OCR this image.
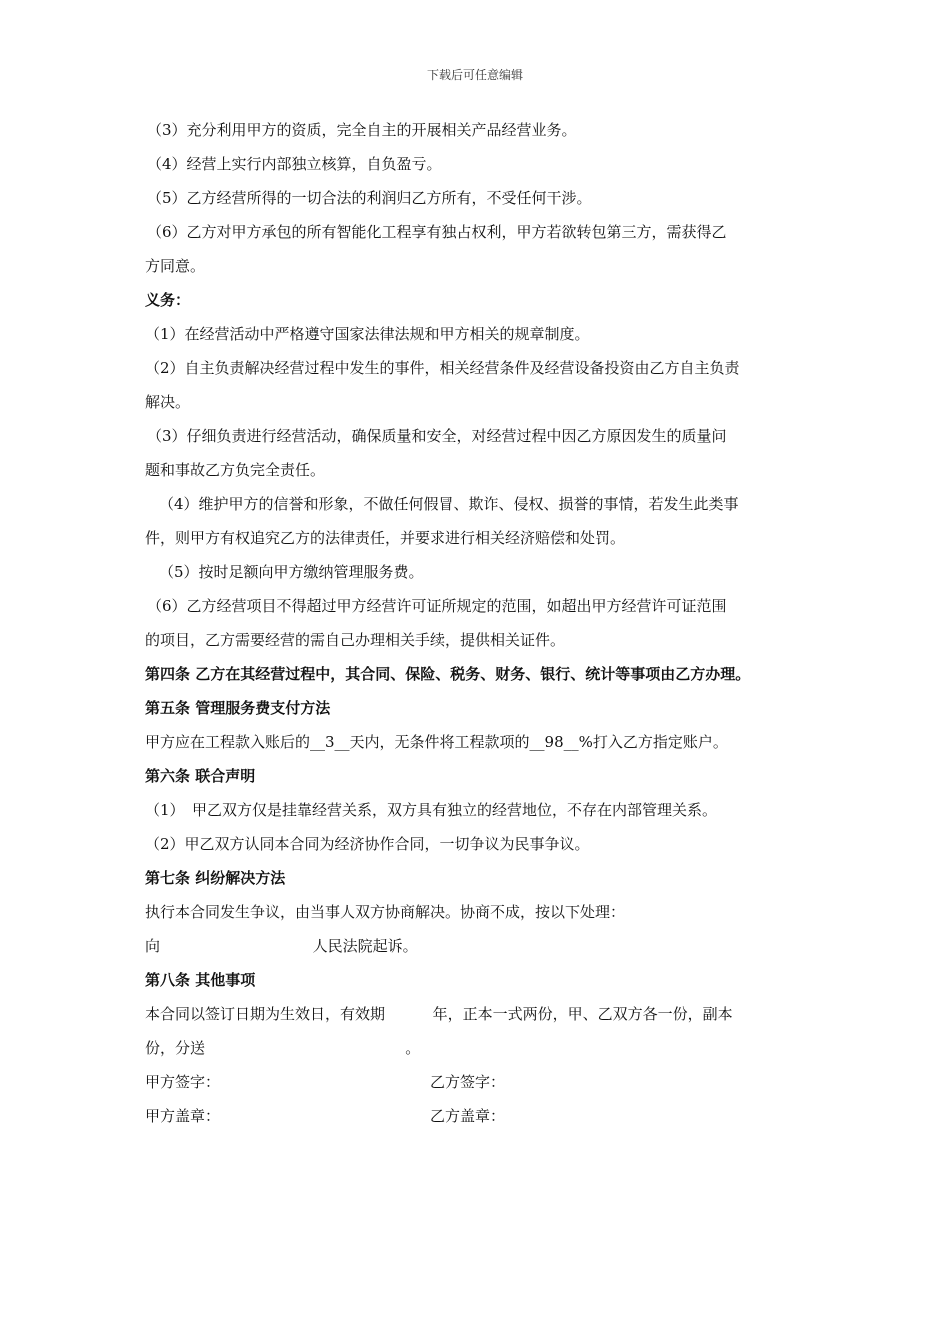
下载后可任意编辑

（3）充分利用甲方的资质，完全自主的开展相关产品经营业务。

（4）经营上实行内部独立核算，自负盈亏。

（5）乙方经营所得的一切合法的利润归乙方所有，不受任何干涉。

（6）乙方对甲方承包的所有智能化工程享有独占权利，甲方若欲转包第三方，需获得乙

方同意。

义务：

（1）在经营活动中严格遵守国家法律法规和甲方相关的规章制度。

（2）自主负责解决经营过程中发生的事件，相关经营条件及经营设备投资由乙方自主负责

解决。

（3）仔细负责进行经营活动，确保质量和安全，对经营过程中因乙方原因发生的质量问

题和事故乙方负完全责任。

（4）维护甲方的信誉和形象，不做任何假冒、欺诈、侵权、损誉的事情，若发生此类事

件，则甲方有权追究乙方的法律责任，并要求进行相关经济赔偿和处罚。

（5）按时足额向甲方缴纳管理服务费。

（6）乙方经营项目不得超过甲方经营许可证所规定的范围，如超出甲方经营许可证范围

的项目，乙方需要经营的需自己办理相关手续，提供相关证件。

第四条 乙方在其经营过程中，其合同、保险、税务、财务、银行、统计等事项由乙方办理。

第五条 管理服务费支付方法

甲方应在工程款入账后的__3__天内，无条件将工程款项的__98__%打入乙方指定账户。

第六条 联合声明

（1）　甲乙双方仅是挂靠经营关系，双方具有独立的经营地位，不存在内部管理关系。

（2）甲乙双方认同本合同为经济协作合同，一切争议为民事争议。

第七条 纠纷解决方法

执行本合同发生争议，由当事人双方协商解决。协商不成，按以下处理：

向                                人民法院起诉。

第八条 其他事项

本合同以签订日期为生效日，有效期          年，正本一式两份，甲、乙双方各一份，副本

份，分送                                          。

甲方签字：	乙方签字：
甲方盖章：	乙方盖章：
